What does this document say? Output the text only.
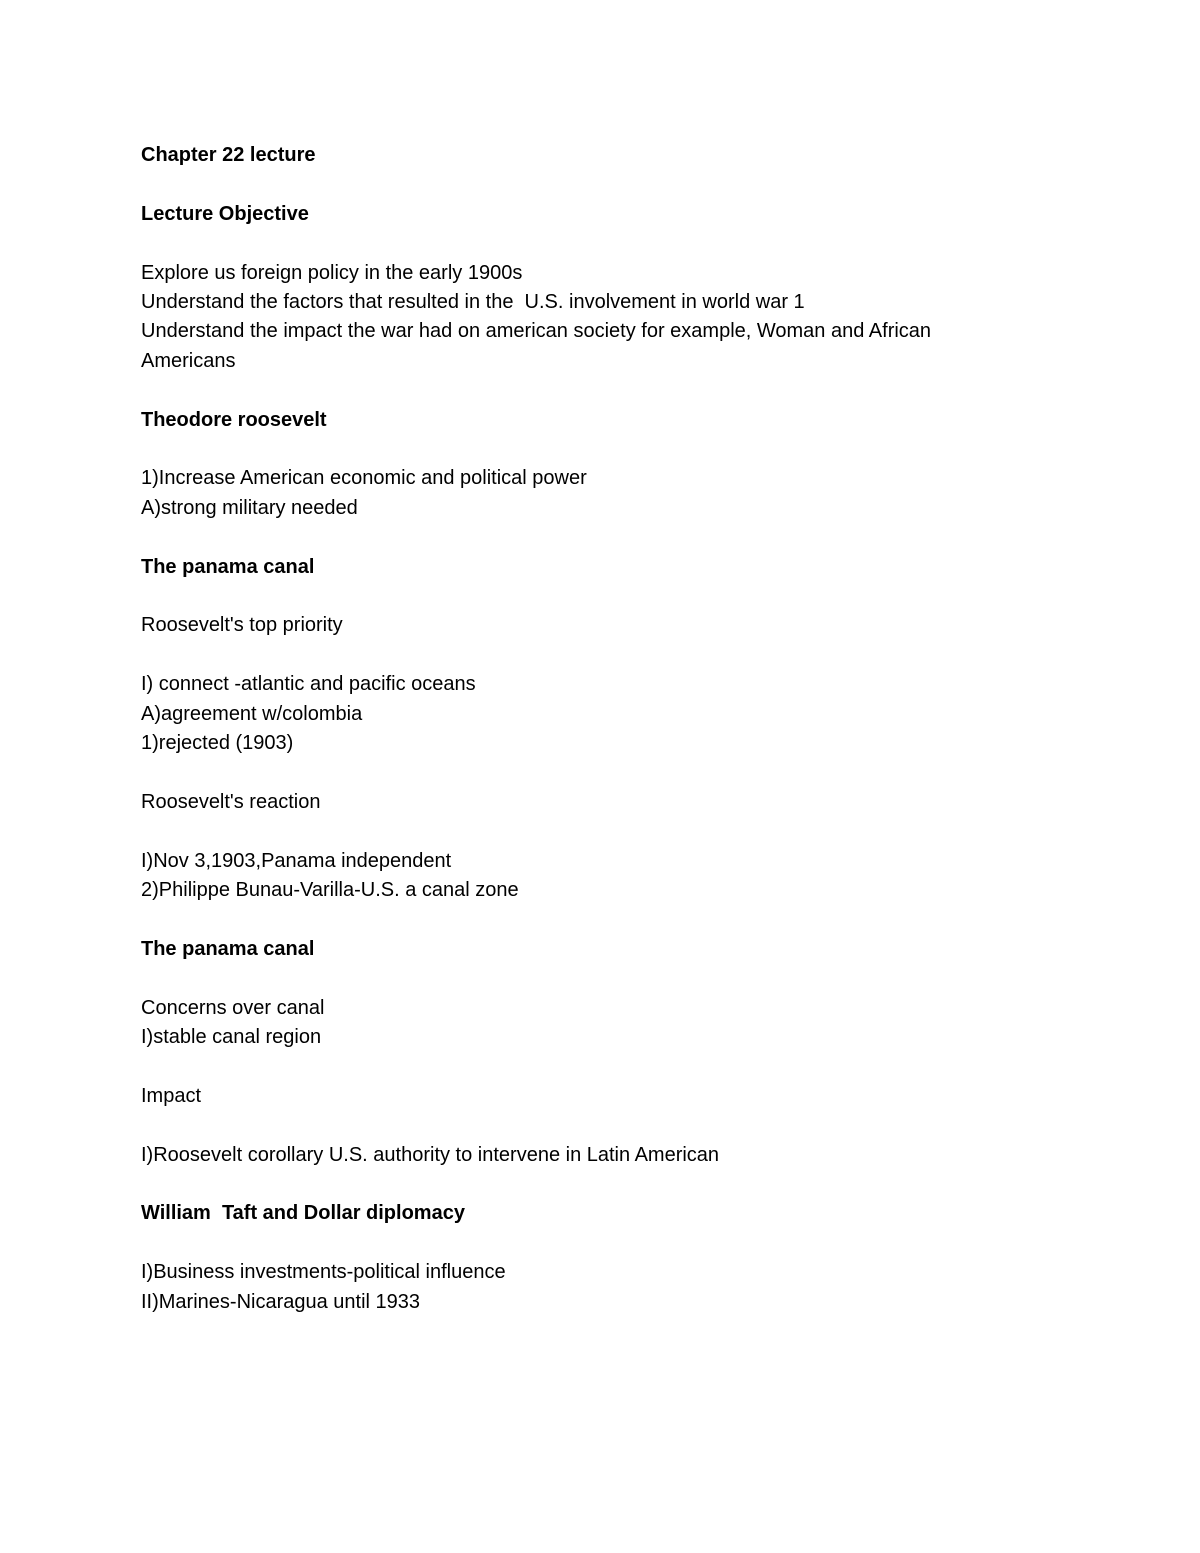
Chapter 22 lecture

Lecture Objective

Explore us foreign policy in the early 1900s

Understand the factors that resulted in the  U.S. involvement in world war 1

Understand the impact the war had on american society for example, Woman and African

Americans

Theodore roosevelt

1)Increase American economic and political power

A)strong military needed

The panama canal

Roosevelt's top priority

I) connect -atlantic and pacific oceans

A)agreement w/colombia

1)rejected (1903)

Roosevelt's reaction

I)Nov 3,1903,Panama independent

2)Philippe Bunau-Varilla-U.S. a canal zone

The panama canal

Concerns over canal

I)stable canal region

Impact

I)Roosevelt corollary U.S. authority to intervene in Latin American

William  Taft and Dollar diplomacy

I)Business investments-political influence

II)Marines-Nicaragua until 1933
